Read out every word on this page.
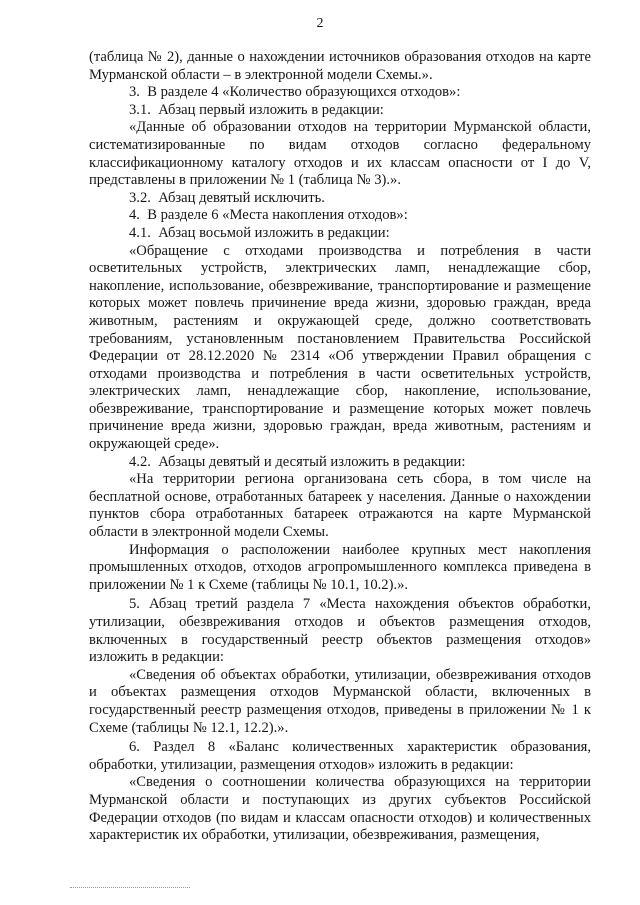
2

(таблица № 2), данные о нахождении источников образования отходов на карте Мурманской области – в электронной модели Схемы.».

3.  В разделе 4 «Количество образующихся отходов»:

3.1.  Абзац первый изложить в редакции:

«Данные об образовании отходов на территории Мурманской области, систематизированные по видам отходов согласно федеральному классификационному каталогу отходов и их классам опасности от I до V, представлены в приложении № 1 (таблица № 3).».

3.2.  Абзац девятый исключить.

4.  В разделе 6 «Места накопления отходов»:

4.1.  Абзац восьмой изложить в редакции:

«Обращение с отходами производства и потребления в части осветительных устройств, электрических ламп, ненадлежащие сбор, накопление, использование, обезвреживание, транспортирование и размещение которых может повлечь причинение вреда жизни, здоровью граждан, вреда животным, растениям и окружающей среде, должно соответствовать требованиям, установленным постановлением Правительства Российской Федерации от 28.12.2020 № 2314 «Об утверждении Правил обращения с отходами производства и потребления в части осветительных устройств, электрических ламп, ненадлежащие сбор, накопление, использование, обезвреживание, транспортирование и размещение которых может повлечь причинение вреда жизни, здоровью граждан, вреда животным, растениям и окружающей среде».

4.2.  Абзацы девятый и десятый изложить в редакции:

«На территории региона организована сеть сбора, в том числе на бесплатной основе, отработанных батареек у населения. Данные о нахождении пунктов сбора отработанных батареек отражаются на карте Мурманской области в электронной модели Схемы.

Информация о расположении наиболее крупных мест накопления промышленных отходов, отходов агропромышленного комплекса приведена в приложении № 1 к Схеме (таблицы № 10.1, 10.2).».

5. Абзац третий раздела 7 «Места нахождения объектов обработки, утилизации, обезвреживания отходов и объектов размещения отходов, включенных в государственный реестр объектов размещения отходов» изложить в редакции:

«Сведения об объектах обработки, утилизации, обезвреживания отходов и объектах размещения отходов Мурманской области, включенных в государственный реестр размещения отходов, приведены в приложении № 1 к Схеме (таблицы № 12.1, 12.2).».

6. Раздел 8 «Баланс количественных характеристик образования, обработки, утилизации, размещения отходов» изложить в редакции:

«Сведения о соотношении количества образующихся на территории Мурманской области и поступающих из других субъектов Российской Федерации отходов (по видам и классам опасности отходов) и количественных характеристик их обработки, утилизации, обезвреживания, размещения,
